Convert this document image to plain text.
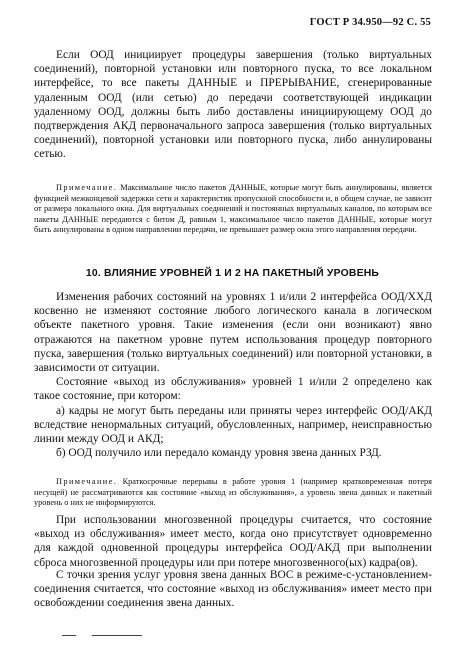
ГОСТ Р 34.950—92 С. 55

Если ООД инициирует процедуры завершения (только виртуальных соединений), повторной установки или повторного пуска, то все локальном интерфейсе, то все пакеты ДАННЫЕ и ПРЕРЫВАНИЕ, сгенерированные удаленным ООД (или сетью) до передачи соответствующей индикации удаленному ООД, должны быть либо доставлены инициирующему ООД до подтверждения АКД первоначального запроса завершения (только виртуальных соединений), повторной установки или повторного пуска, либо аннулированы сетью.

Примечание. Максимальное число пакетов ДАННЫЕ, которые могут быть аннулированы, является функцией межконцевой задержки сети и характеристик пропускной способности и, в общем случае, не зависит от размера локального окна. Для виртуальных соединений и постоянных виртуальных каналов, по которым все пакеты ДАННЫЕ передаются с битом Д, равным 1, максимальное число пакетов ДАННЫЕ, которые могут быть аннулированы в одном направлении передачи, не превышает размер окна этого направления передачи.

10. ВЛИЯНИЕ УРОВНЕЙ 1 И 2 НА ПАКЕТНЫЙ УРОВЕНЬ

Изменения рабочих состояний на уровнях 1 и/или 2 интерфейса ООД/ХХД косвенно не изменяют состояние любого логического канала в логическом объекте пакетного уровня. Такие изменения (если они возникают) явно отражаются на пакетном уровне путем использования процедур повторного пуска, завершения (только виртуальных соединений) или повторной установки, в зависимости от ситуации.

Состояние «выход из обслуживания» уровней 1 и/или 2 определено как такое состояние, при котором:

а) кадры не могут быть переданы или приняты через интерфейс ООД/АКД вследствие ненормальных ситуаций, обусловленных, например, неисправностью линии между ООД и АКД;

б) ООД получило или передало команду уровня звена данных РЗД.

Примечание. Краткосрочные перерывы в работе уровня 1 (например кратковременная потеря несущей) не рассматриваются как состояние «выход из обслуживания», а уровень звена данных и пакетный уровень о них не информируются.

При использовании многозвенной процедуры считается, что состояние «выход из обслуживания» имеет место, когда оно присутствует одновременно для каждой одновенной процедуры интерфейса ООД/АКД при выполнении сброса многозвенной процедуры или при потере многозвенного(ых) кадра(ов).

С точки зрения услуг уровня звена данных ВОС в режиме-с-установлением-соединения считается, что состояние «выход из обслуживания» имеет место при освобождении соединения звена данных.
